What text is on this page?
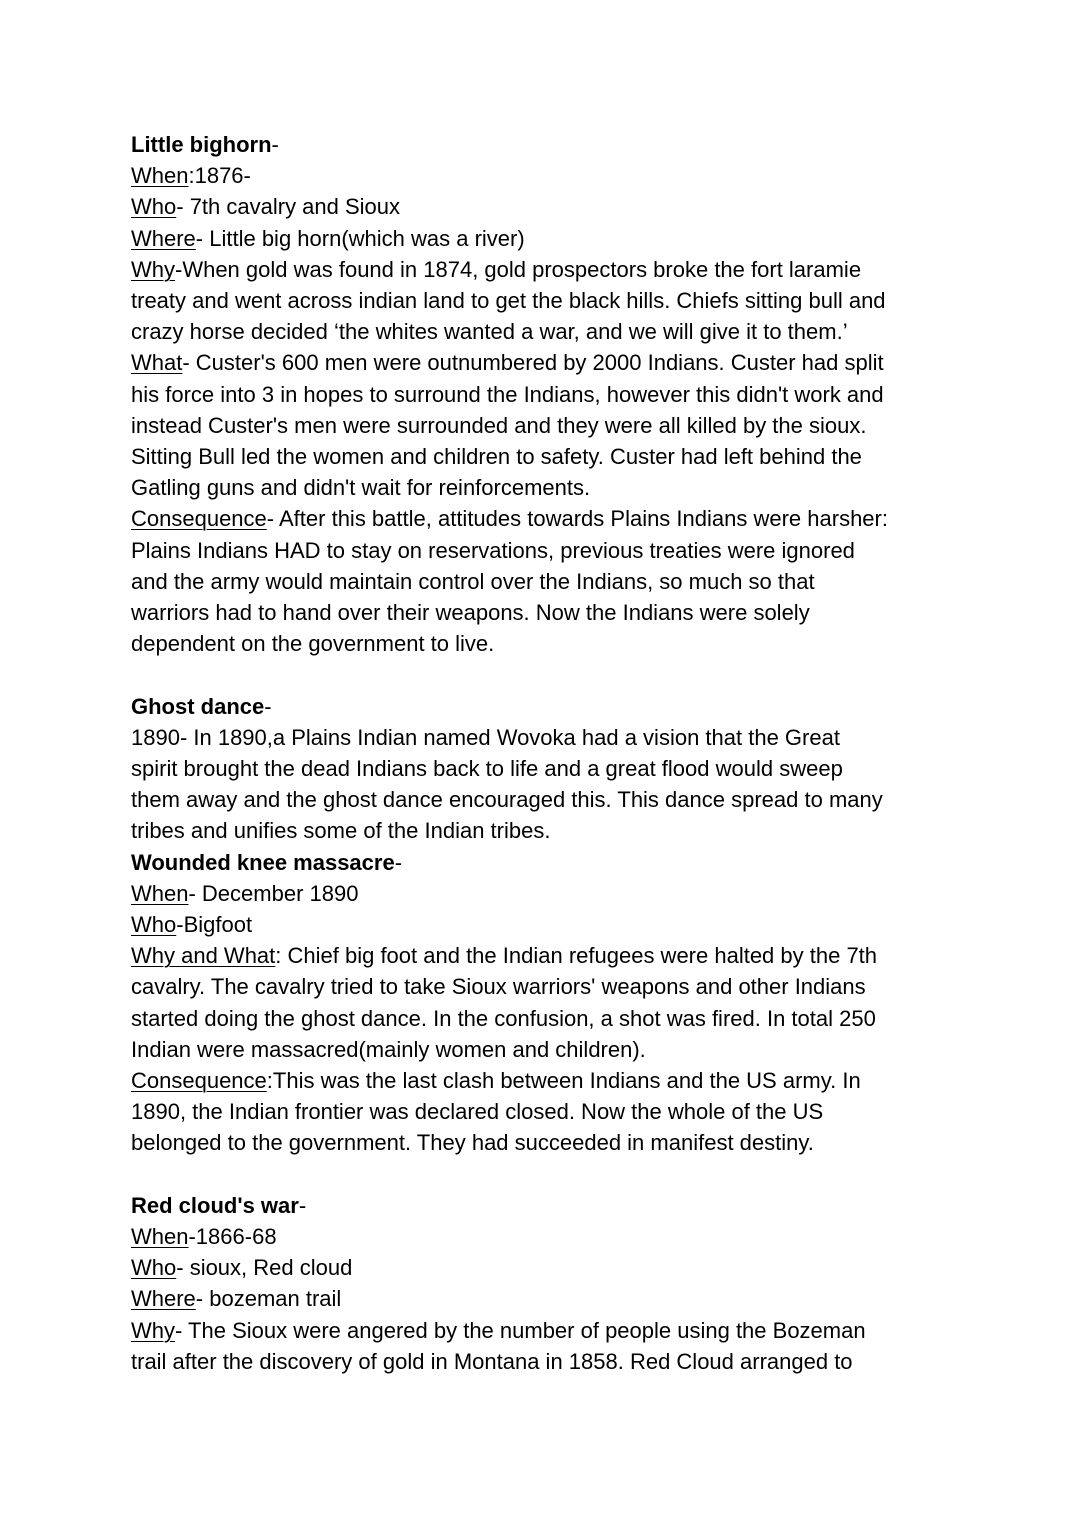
Little bighorn-
When:1876-
Who- 7th cavalry and Sioux
Where- Little big horn(which was a river)
Why-When gold was found in 1874, gold prospectors broke the fort laramie
treaty and went across indian land to get the black hills. Chiefs sitting bull and
crazy horse decided ‘the whites wanted a war, and we will give it to them.’
What- Custer's 600 men were outnumbered by 2000 Indians. Custer had split
his force into 3 in hopes to surround the Indians, however this didn't work and
instead Custer's men were surrounded and they were all killed by the sioux.
Sitting Bull led the women and children to safety. Custer had left behind the
Gatling guns and didn't wait for reinforcements.
Consequence- After this battle, attitudes towards Plains Indians were harsher:
Plains Indians HAD to stay on reservations, previous treaties were ignored
and the army would maintain control over the Indians, so much so that
warriors had to hand over their weapons. Now the Indians were solely
dependent on the government to live.
Ghost dance-
1890- In 1890,a Plains Indian named Wovoka had a vision that the Great
spirit brought the dead Indians back to life and a great flood would sweep
them away and the ghost dance encouraged this. This dance spread to many
tribes and unifies some of the Indian tribes.
Wounded knee massacre-
When- December 1890
Who-Bigfoot
Why and What: Chief big foot and the Indian refugees were halted by the 7th
cavalry. The cavalry tried to take Sioux warriors' weapons and other Indians
started doing the ghost dance. In the confusion, a shot was fired. In total 250
Indian were massacred(mainly women and children).
Consequence:This was the last clash between Indians and the US army. In
1890, the Indian frontier was declared closed. Now the whole of the US
belonged to the government. They had succeeded in manifest destiny.
Red cloud's war-
When-1866-68
Who- sioux, Red cloud
Where- bozeman trail
Why- The Sioux were angered by the number of people using the Bozeman
trail after the discovery of gold in Montana in 1858. Red Cloud arranged to
